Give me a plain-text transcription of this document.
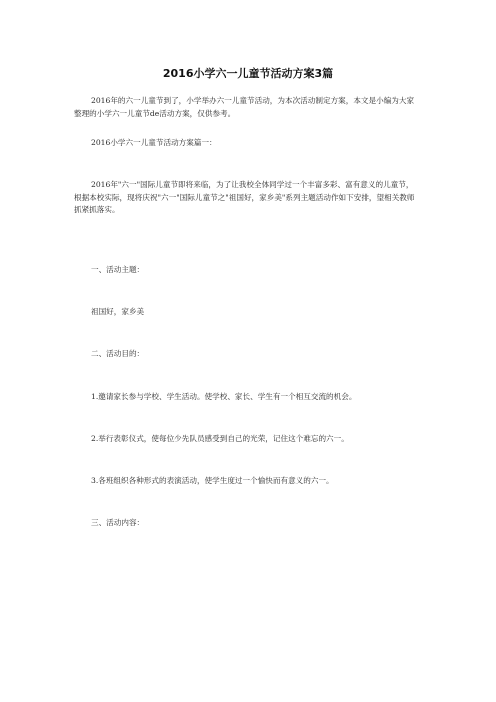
2016小学六一儿童节活动方案3篇

2016年的六一儿童节到了，小学举办六一儿童节活动，为本次活动制定方案，本文是小编为大家整理的小学六一儿童节de活动方案，仅供参考。

2016小学六一儿童节活动方案篇一：

2016年"六一"国际儿童节即将来临，为了让我校全体同学过一个丰富多彩、富有意义的儿童节，根据本校实际，现将庆祝"六一"国际儿童节之"祖国好，家乡美"系列主题活动作如下安排，望相关教师抓紧抓落实。

一、活动主题：

祖国好，家乡美

二、活动目的：

1.邀请家长参与学校、学生活动。使学校、家长、学生有一个相互交流的机会。

2.举行表彰仪式，使每位少先队员感受到自己的光荣，记住这个难忘的六一。

3.各班组织各种形式的表演活动，使学生度过一个愉快而有意义的六一。

三、活动内容：
